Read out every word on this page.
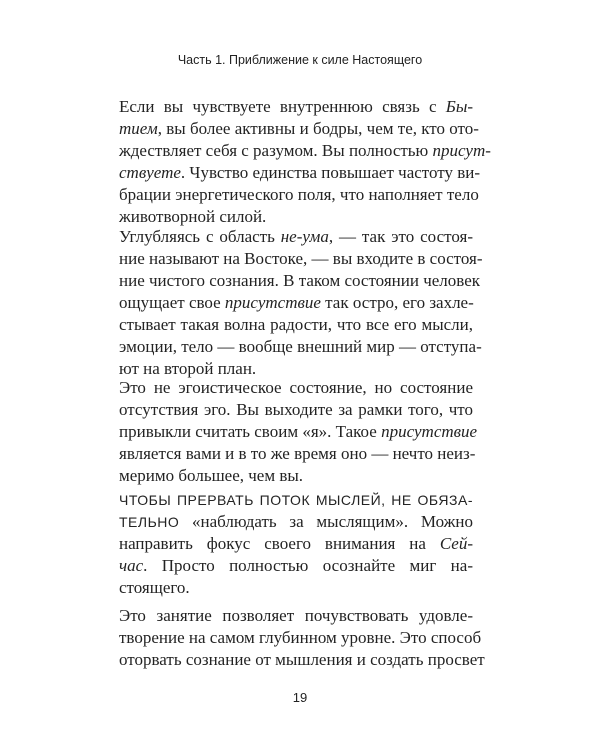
Часть 1. Приближение к силе Настоящего

Если вы чувствуете внутреннюю связь с Бы-
тием, вы более активны и бодры, чем те, кто ото-
ждествляет себя с разумом. Вы полностью присут-
ствуете. Чувство единства повышает частоту ви-
брации энергетического поля, что наполняет тело
животворной силой.

Углубляясь с область не-ума, — так это состоя-
ние называют на Востоке, — вы входите в состоя-
ние чистого сознания. В таком состоянии человек
ощущает свое присутствие так остро, его захле-
стывает такая волна радости, что все его мысли,
эмоции, тело — вообще внешний мир — отступа-
ют на второй план.

Это не эгоистическое состояние, но состояние
отсутствия эго. Вы выходите за рамки того, что
привыкли считать своим «я». Такое присутствие
является вами и в то же время оно — нечто неиз-
меримо большее, чем вы.

ЧТОБЫ ПРЕРВАТЬ ПОТОК МЫСЛЕЙ, НЕ ОБЯЗА-
ТЕЛЬНО «наблюдать за мыслящим». Можно
направить фокус своего внимания на Сей-
час. Просто полностью осознайте миг на-
стоящего.

Это занятие позволяет почувствовать удовле-
творение на самом глубинном уровне. Это способ
оторвать сознание от мышления и создать просвет

19
